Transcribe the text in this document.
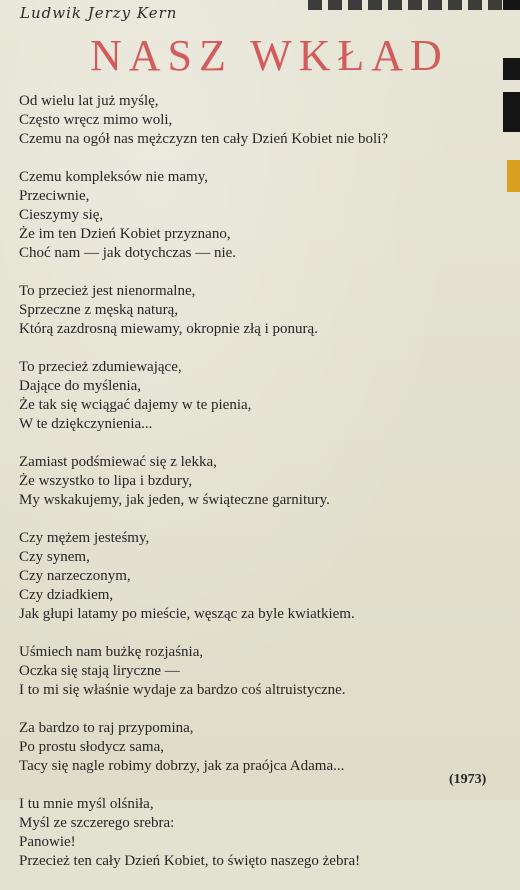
Ludwik Jerzy Kern
NASZ WKŁAD
Od wielu lat już myślę,
Często wręcz mimo woli,
Czemu na ogół nas mężczyzn ten cały Dzień Kobiet nie boli?
Czemu kompleksów nie mamy,
Przeciwnie,
Cieszymy się,
Że im ten Dzień Kobiet przyznano,
Choć nam — jak dotychczas — nie.
To przecież jest nienormalne,
Sprzeczne z męską naturą,
Którą zazdrosną miewamy, okropnie złą i ponurą.
To przecież zdumiewające,
Dające do myślenia,
Że tak się wciągać dajemy w te pienia,
W te dziękczynienia...
Zamiast podśmiewać się z lekka,
Że wszystko to lipa i bzdury,
My wskakujemy, jak jeden, w świąteczne garnitury.
Czy mężem jesteśmy,
Czy synem,
Czy narzeczonym,
Czy dziadkiem,
Jak głupi latamy po mieście, węsząc za byle kwiatkiem.
Uśmiech nam bużkę rozjaśnia,
Oczka się stają liryczne —
I to mi się właśnie wydaje za bardzo coś altruistyczne.
Za bardzo to raj przypomina,
Po prostu słodycz sama,
Tacy się nagle robimy dobrzy, jak za praójca Adama...
I tu mnie myśl olśniła,
Myśl ze szczerego srebra:
Panowie!
Przecież ten cały Dzień Kobiet, to święto naszego żebra!
(1973)
